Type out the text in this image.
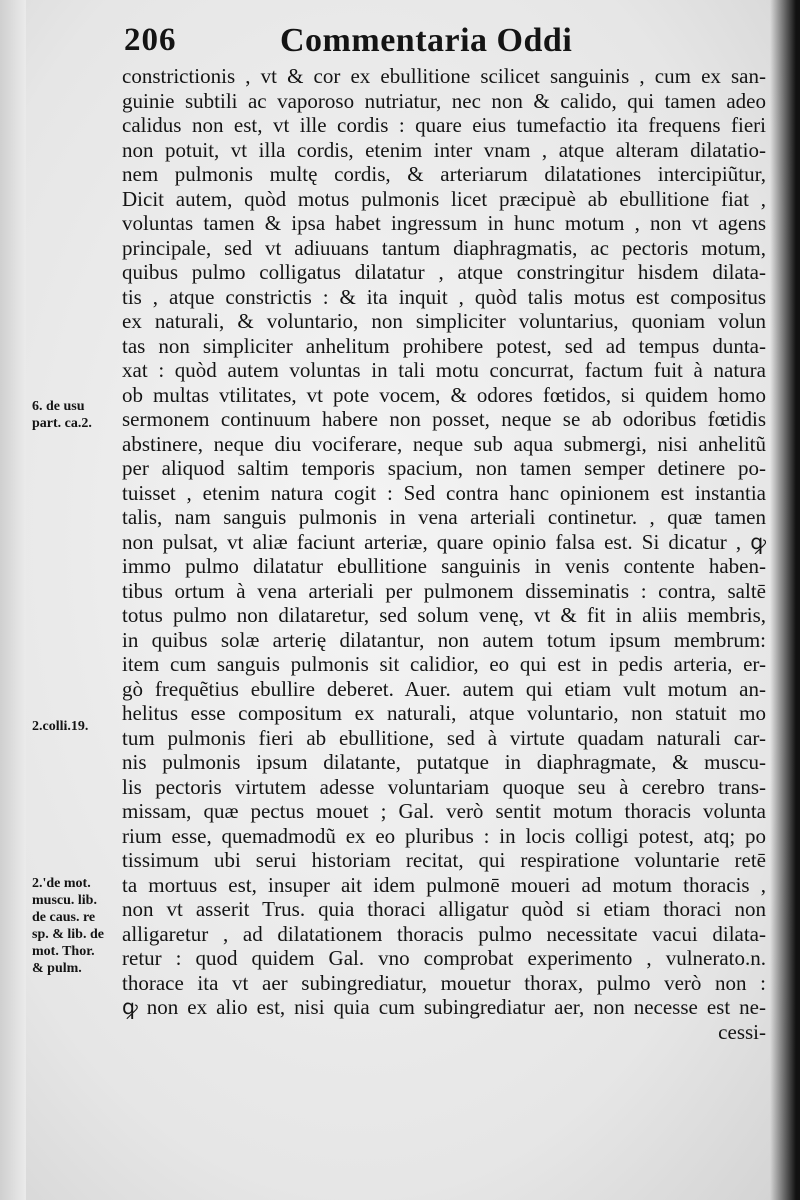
206	Commentaria Oddi
constrictionis , vt & cor ex ebullitione scilicet sanguinis , cum ex san-
guinie subtili ac vaporoso nutriatur, nec non & calido, qui tamen adeo
calidus non est, vt ille cordis : quare eius tumefactio ita frequens fieri
non potuit, vt illa cordis, etenim inter vnam , atque alteram dilatatio-
nem pulmonis multę cordis, & arteriarum dilatationes intercipiũtur,
Dicit autem, quòd motus pulmonis licet præcipuè ab ebullitione fiat ,
voluntas tamen & ipsa habet ingressum in hunc motum , non vt agens
principale, sed vt adiuuans tantum diaphragmatis, ac pectoris motum,
quibus pulmo colligatus dilatatur , atque constringitur hisdem dilata-
tis , atque constrictis : & ita inquit , quòd talis motus est compositus
ex naturali, & voluntario, non simpliciter voluntarius, quoniam volun
tas non simpliciter anhelitum prohibere potest, sed ad tempus dunta-
xat : quòd autem voluntas in tali motu concurrat, factum fuit à natura
ob multas vtilitates, vt pote vocem, & odores fœtidos, si quidem homo
sermonem continuum habere non posset, neque se ab odoribus fœtidis
abstinere, neque diu vociferare, neque sub aqua submergi, nisi anhelitũ
per aliquod saltim temporis spacium, non tamen semper detinere po-
tuisset , etenim natura cogit : Sed contra hanc opinionem est instantia
talis, nam sanguis pulmonis in vena arteriali continetur. , quæ tamen
non pulsat, vt aliæ faciunt arteriæ, quare opinio falsa est. Si dicatur , ꝙ
immo pulmo dilatatur ebullitione sanguinis in venis contente haben-
tibus ortum à vena arteriali per pulmonem disseminatis : contra, saltē
totus pulmo non dilataretur, sed solum venę, vt & fit in aliis membris,
in quibus solæ arterię dilatantur, non autem totum ipsum membrum:
item cum sanguis pulmonis sit calidior, eo qui est in pedis arteria, er-
gò frequẽtius ebullire deberet. Auer. autem qui etiam vult motum an-
helitus esse compositum ex naturali, atque voluntario, non statuit mo
tum pulmonis fieri ab ebullitione, sed à virtute quadam naturali car-
nis pulmonis ipsum dilatante, putatque in diaphragmate, & muscu-
lis pectoris virtutem adesse voluntariam quoque seu à cerebro trans-
missam, quæ pectus mouet ; Gal. verò sentit motum thoracis volunta
rium esse, quemadmodũ ex eo pluribus : in locis colligi potest, atq; po
tissimum ubi serui historiam recitat, qui respiratione voluntarie retē
ta mortuus est, insuper ait idem pulmonē moueri ad motum thoracis ,
non vt asserit Trus. quia thoraci alligatur quòd si etiam thoraci non
alligaretur , ad dilatationem thoracis pulmo necessitate vacui dilata-
retur : quod quidem Gal. vno comprobat experimento , vulnerato.n.
thorace ita vt aer subingrediatur, mouetur thorax, pulmo verò non :
ꝙ non ex alio est, nisi quia cum subingrediatur aer, non necesse est ne-
cessi-
6. de usu
part. ca.2.
2.colli.19.
2.'de mot.
muscu. lib.
de caus. re
sp. & lib. de
mot. Thor.
& pulm.
